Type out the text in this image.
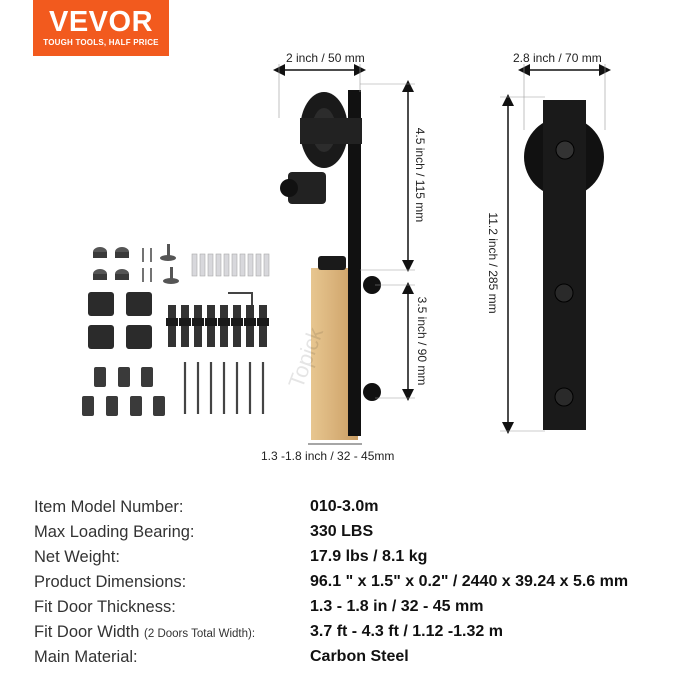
VEVOR
TOUGH TOOLS, HALF PRICE
2 inch / 50 mm	2.8 inch / 70 mm
4.5 inch / 115 mm
3.5 inch / 90 mm
11.2 inch / 285 mm
1.3 -1.8 inch / 32 - 45mm
Topick
Item Model Number:	010-3.0m
Max Loading Bearing:	330 LBS
Net Weight:	17.9 lbs / 8.1 kg
Product Dimensions:	96.1 " x 1.5" x 0.2" / 2440 x 39.24 x 5.6 mm
Fit Door Thickness:	1.3 - 1.8 in / 32 - 45 mm
Fit Door Width (2 Doors Total Width):	3.7 ft - 4.3 ft / 1.12 -1.32 m
Main Material:	Carbon Steel
